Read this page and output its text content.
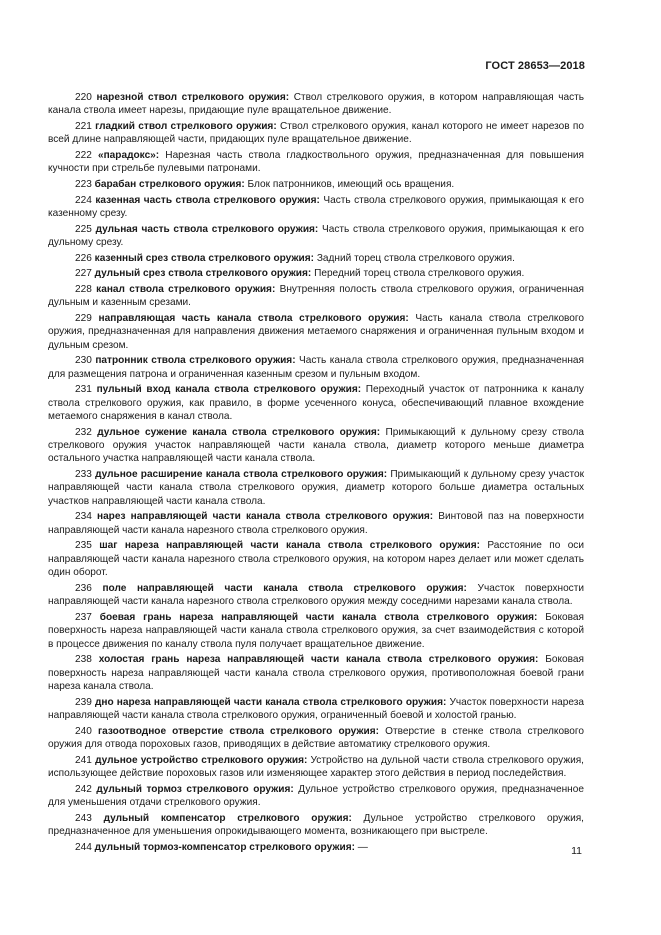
ГОСТ 28653—2018

220 нарезной ствол стрелкового оружия: Ствол стрелкового оружия, в котором направляющая часть канала ствола имеет нарезы, придающие пуле вращательное движение.

221 гладкий ствол стрелкового оружия: Ствол стрелкового оружия, канал которого не имеет нарезов по всей длине направляющей части, придающих пуле вращательное движение.

222 «парадокс»: Нарезная часть ствола гладкоствольного оружия, предназначенная для повышения кучности при стрельбе пулевыми патронами.

223 барабан стрелкового оружия: Блок патронников, имеющий ось вращения.

224 казенная часть ствола стрелкового оружия: Часть ствола стрелкового оружия, примыкающая к его казенному срезу.

225 дульная часть ствола стрелкового оружия: Часть ствола стрелкового оружия, примыкающая к его дульному срезу.

226 казенный срез ствола стрелкового оружия: Задний торец ствола стрелкового оружия.

227 дульный срез ствола стрелкового оружия: Передний торец ствола стрелкового оружия.

228 канал ствола стрелкового оружия: Внутренняя полость ствола стрелкового оружия, ограниченная дульным и казенным срезами.

229 направляющая часть канала ствола стрелкового оружия: Часть канала ствола стрелкового оружия, предназначенная для направления движения метаемого снаряжения и ограниченная пульным входом и дульным срезом.

230 патронник ствола стрелкового оружия: Часть канала ствола стрелкового оружия, предназначенная для размещения патрона и ограниченная казенным срезом и пульным входом.

231 пульный вход канала ствола стрелкового оружия: Переходный участок от патронника к каналу ствола стрелкового оружия, как правило, в форме усеченного конуса, обеспечивающий плавное вхождение метаемого снаряжения в канал ствола.

232 дульное сужение канала ствола стрелкового оружия: Примыкающий к дульному срезу ствола стрелкового оружия участок направляющей части канала ствола, диаметр которого меньше диаметра остального участка направляющей части канала ствола.

233 дульное расширение канала ствола стрелкового оружия: Примыкающий к дульному срезу участок направляющей части канала ствола стрелкового оружия, диаметр которого больше диаметра остальных участков направляющей части канала ствола.

234 нарез направляющей части канала ствола стрелкового оружия: Винтовой паз на поверхности направляющей части канала нарезного ствола стрелкового оружия.

235 шаг нареза направляющей части канала ствола стрелкового оружия: Расстояние по оси направляющей части канала нарезного ствола стрелкового оружия, на котором нарез делает или может сделать один оборот.

236 поле направляющей части канала ствола стрелкового оружия: Участок поверхности направляющей части канала нарезного ствола стрелкового оружия между соседними нарезами канала ствола.

237 боевая грань нареза направляющей части канала ствола стрелкового оружия: Боковая поверхность нареза направляющей части канала ствола стрелкового оружия, за счет взаимодействия с которой в процессе движения по каналу ствола пуля получает вращательное движение.

238 холостая грань нареза направляющей части канала ствола стрелкового оружия: Боковая поверхность нареза направляющей части канала ствола стрелкового оружия, противоположная боевой грани нареза канала ствола.

239 дно нареза направляющей части канала ствола стрелкового оружия: Участок поверхности нареза направляющей части канала ствола стрелкового оружия, ограниченный боевой и холостой гранью.

240 газоотводное отверстие ствола стрелкового оружия: Отверстие в стенке ствола стрелкового оружия для отвода пороховых газов, приводящих в действие автоматику стрелкового оружия.

241 дульное устройство стрелкового оружия: Устройство на дульной части ствола стрелкового оружия, использующее действие пороховых газов или изменяющее характер этого действия в период последействия.

242 дульный тормоз стрелкового оружия: Дульное устройство стрелкового оружия, предназначенное для уменьшения отдачи стрелкового оружия.

243 дульный компенсатор стрелкового оружия: Дульное устройство стрелкового оружия, предназначенное для уменьшения опрокидывающего момента, возникающего при выстреле.

244 дульный тормоз-компенсатор стрелкового оружия: —	11
